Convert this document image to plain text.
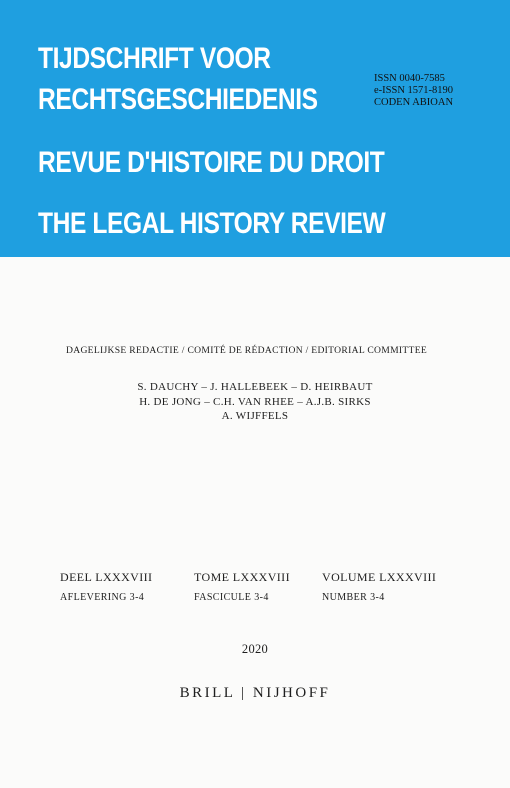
TIJDSCHRIFT VOOR
RECHTSGESCHIEDENIS
REVUE D'HISTOIRE DU DROIT
THE LEGAL HISTORY REVIEW
ISSN 0040-7585
e-ISSN 1571-8190
CODEN ABIOAN
DAGELIJKSE REDACTIE / COMITÉ DE RÉDACTION / EDITORIAL COMMITTEE
S. DAUCHY – J. HALLEBEEK – D. HEIRBAUT
H. DE JONG – C.H. VAN RHEE – A.J.B. SIRKS
A. WIJFFELS
DEEL LXXXVIII
AFLEVERING 3-4
TOME LXXXVIII
FASCICULE 3-4
VOLUME LXXXVIII
NUMBER 3-4
2020
BRILL | NIJHOFF
